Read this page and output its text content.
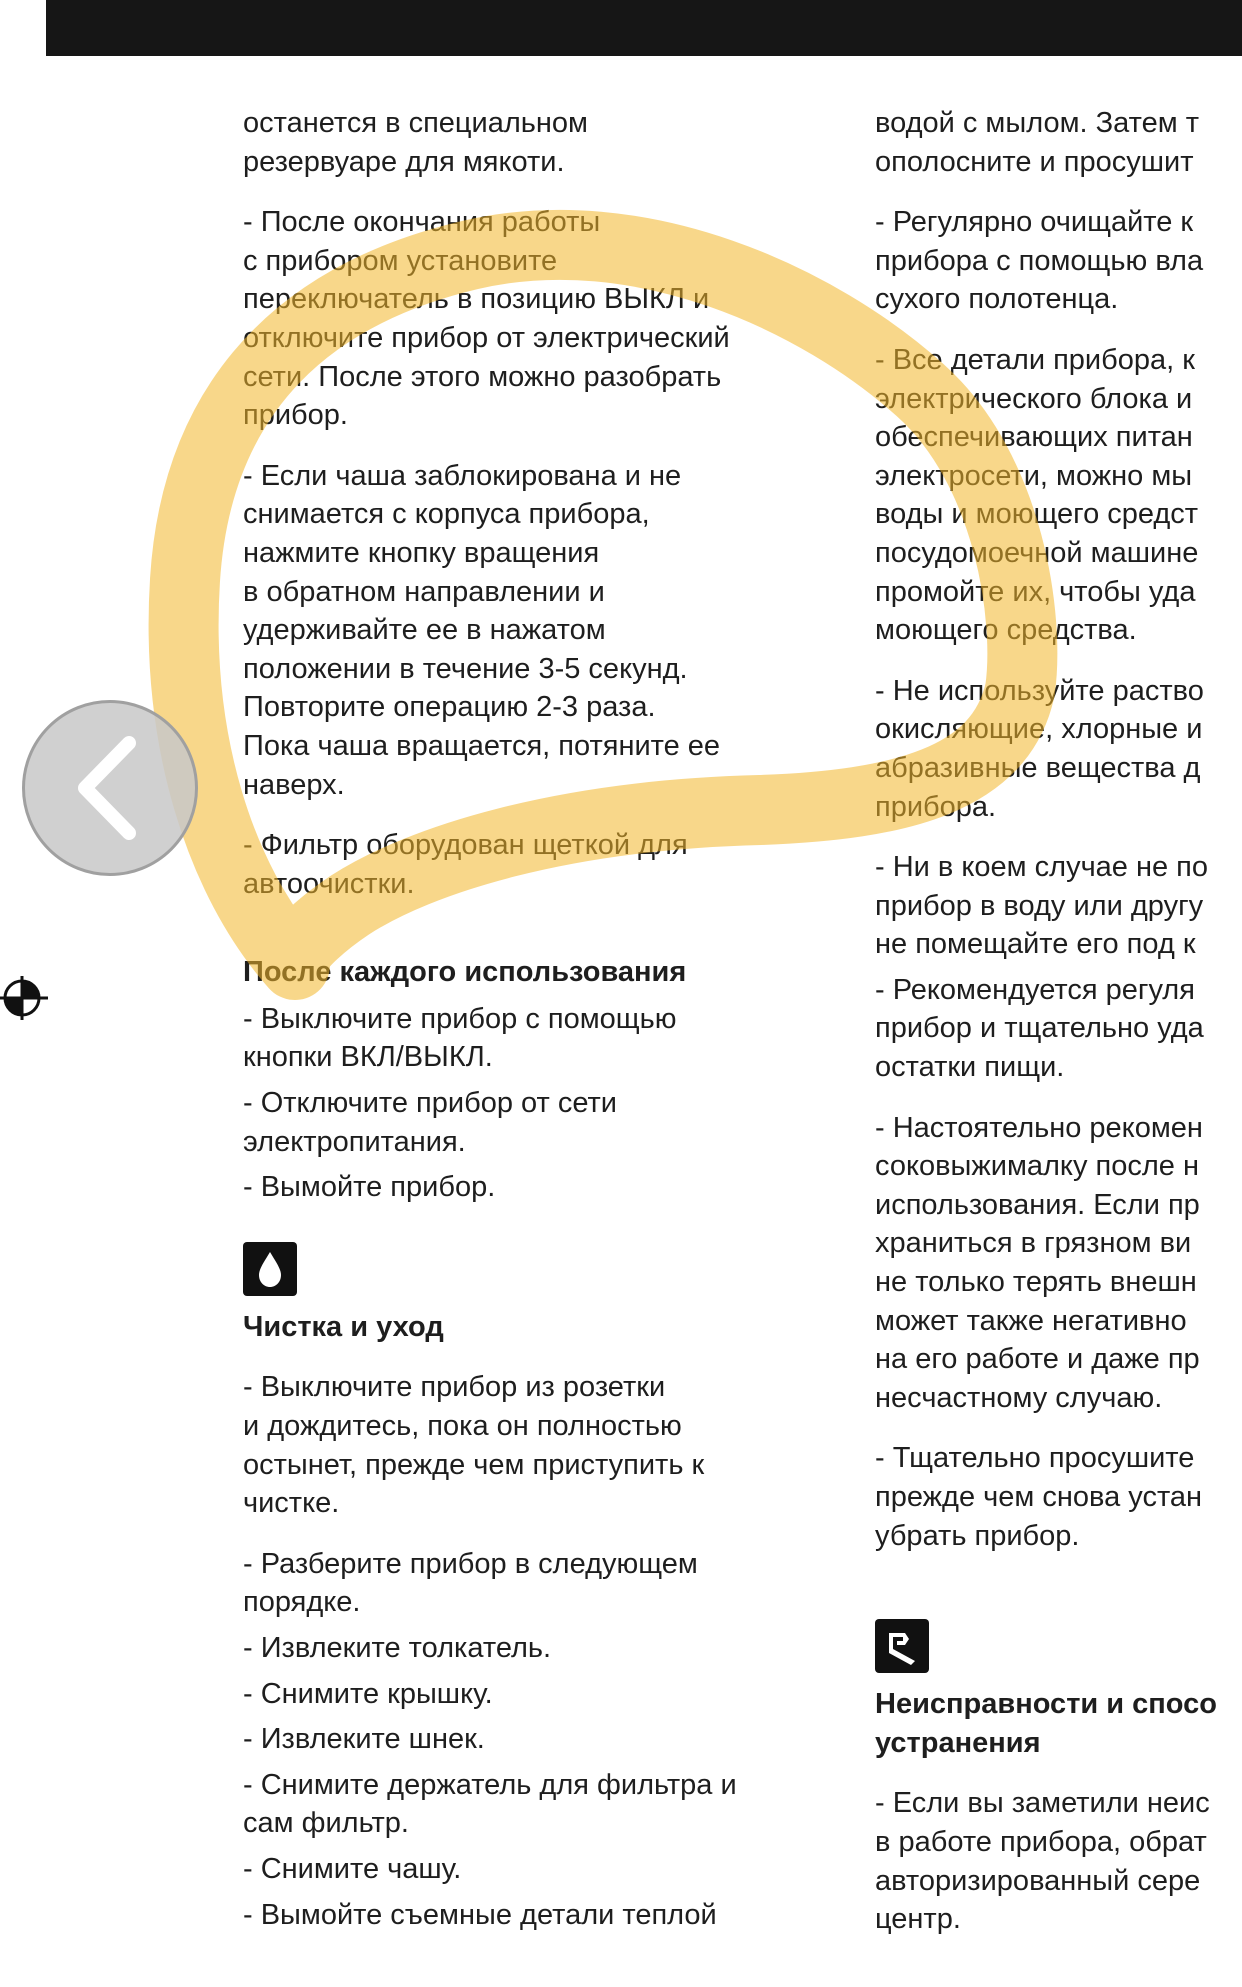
останется в специальном
резервуаре для мякоти.

- После окончания работы
с прибором установите
переключатель в позицию ВЫКЛ и
отключите прибор от электрический
сети. После этого можно разобрать
прибор.

- Если чаша заблокирована и не
снимается с корпуса прибора,
нажмите кнопку вращения
в обратном направлении и
удерживайте ее в нажатом
положении в течение 3-5 секунд.
Повторите операцию 2-3 раза.
Пока чаша вращается, потяните ее
наверх.

- Фильтр оборудован щеткой для
автоочистки.

После каждого использования

- Выключите прибор с помощью
кнопки ВКЛ/ВЫКЛ.

- Отключите прибор от сети
электропитания.

- Вымойте прибор.

Чистка и уход

- Выключите прибор из розетки
и дождитесь, пока он полностью
остынет, прежде чем приступить к
чистке.

- Разберите прибор в следующем
порядке.

- Извлеките толкатель.

- Снимите крышку.

- Извлеките шнек.

- Снимите держатель для фильтра и
сам фильтр.

- Снимите чашу.

- Вымойте съемные детали теплой

водой с мылом. Затем т
ополосните и просушит

- Регулярно очищайте к
прибора с помощью вла
сухого полотенца.

- Все детали прибора, к
электрического блока и
обеспечивающих питан
электросети, можно мы
воды и моющего средст
посудомоечной машине
промойте их, чтобы уда
моющего средства.

- Не используйте раство
окисляющие, хлорные и
абразивные вещества д
прибора.

- Ни в коем случае не по
прибор в воду или другу
не помещайте его под к

- Рекомендуется регуля
прибор и тщательно уда
остатки пищи.

- Настоятельно рекомен
соковыжималку после н
использования. Если пр
храниться в грязном ви
не только терять внешн
может также негативно
на его работе и даже пр
несчастному случаю.

- Тщательно просушите
прежде чем снова устан
убрать прибор.

Неисправности и спосо
устранения

- Если вы заметили неис
в работе прибора, обрат
авторизированный сере
центр.
